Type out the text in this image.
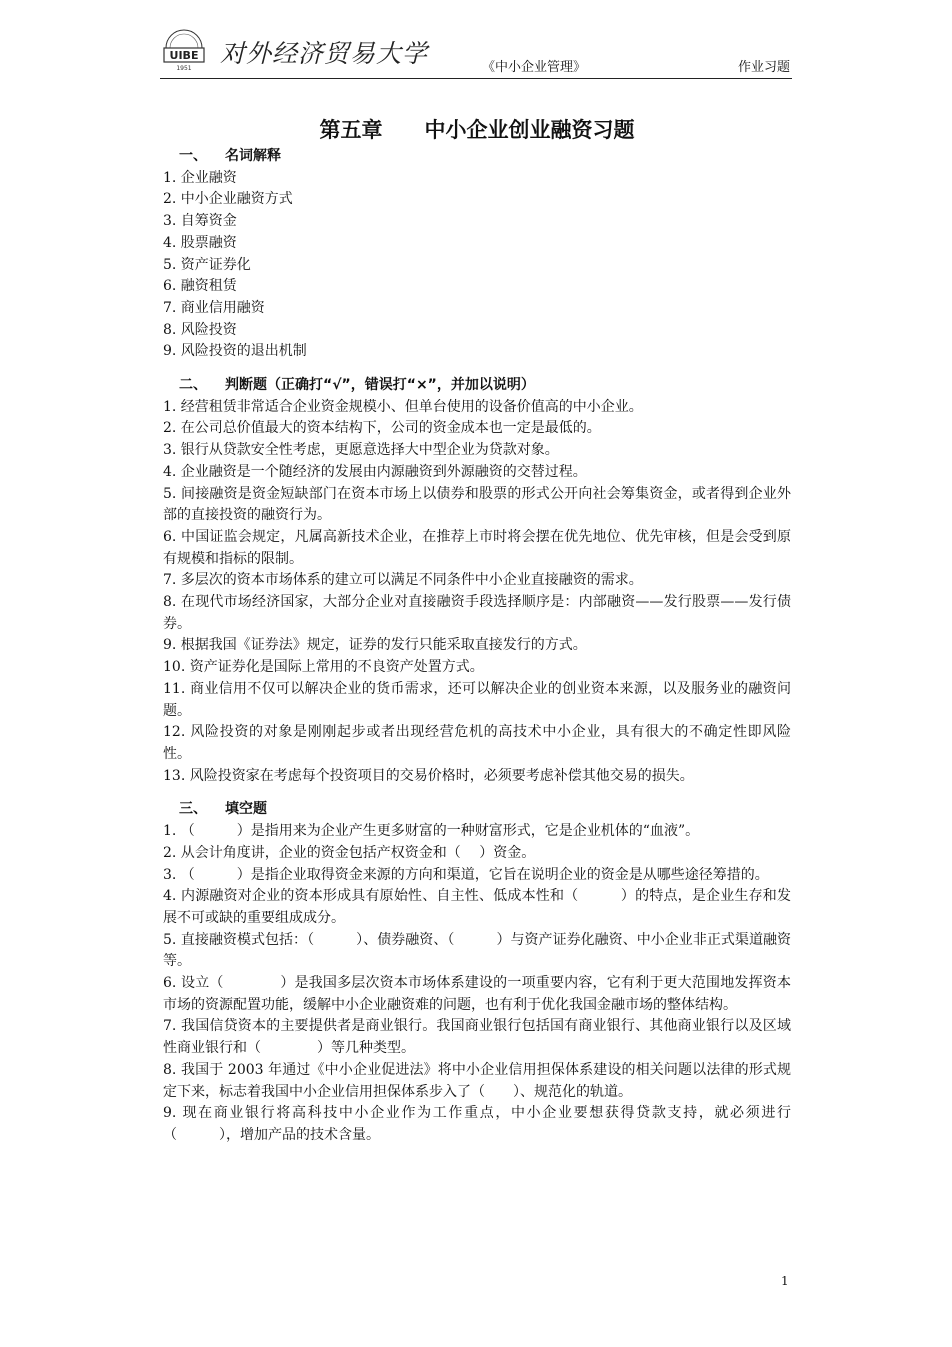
UIBE
1951
对外经济贸易大学	《中小企业管理》	作业习题
第五章　　中小企业创业融资习题
一、 名词解释
1. 企业融资
2. 中小企业融资方式
3. 自筹资金
4. 股票融资
5. 资产证券化
6. 融资租赁
7. 商业信用融资
8. 风险投资
9. 风险投资的退出机制
二、 判断题（正确打“√”，错误打“×”，并加以说明）
1. 经营租赁非常适合企业资金规模小、但单台使用的设备价值高的中小企业。
2. 在公司总价值最大的资本结构下，公司的资金成本也一定是最低的。
3. 银行从贷款安全性考虑，更愿意选择大中型企业为贷款对象。
4. 企业融资是一个随经济的发展由内源融资到外源融资的交替过程。
5. 间接融资是资金短缺部门在资本市场上以债券和股票的形式公开向社会筹集资金，或者得到企业外部的直接投资的融资行为。
6. 中国证监会规定，凡属高新技术企业，在推荐上市时将会摆在优先地位、优先审核，但是会受到原有规模和指标的限制。
7. 多层次的资本市场体系的建立可以满足不同条件中小企业直接融资的需求。
8. 在现代市场经济国家，大部分企业对直接融资手段选择顺序是：内部融资——发行股票——发行债券。
9. 根据我国《证券法》规定，证券的发行只能采取直接发行的方式。
10. 资产证券化是国际上常用的不良资产处置方式。
11. 商业信用不仅可以解决企业的货币需求，还可以解决企业的创业资本来源，以及服务业的融资问题。
12. 风险投资的对象是刚刚起步或者出现经营危机的高技术中小企业，具有很大的不确定性即风险性。
13. 风险投资家在考虑每个投资项目的交易价格时，必须要考虑补偿其他交易的损失。
三、 填空题
1. （　　　）是指用来为企业产生更多财富的一种财富形式，它是企业机体的“血液”。
2. 从会计角度讲，企业的资金包括产权资金和（　 ）资金。
3. （　　　）是指企业取得资金来源的方向和渠道，它旨在说明企业的资金是从哪些途径筹措的。
4. 内源融资对企业的资本形成具有原始性、自主性、低成本性和（　　　）的特点，是企业生存和发展不可或缺的重要组成成分。
5. 直接融资模式包括：（　　　）、债券融资、（　　　）与资产证券化融资、中小企业非正式渠道融资等。
6. 设立（　　　　）是我国多层次资本市场体系建设的一项重要内容，它有利于更大范围地发挥资本市场的资源配置功能，缓解中小企业融资难的问题，也有利于优化我国金融市场的整体结构。
7. 我国信贷资本的主要提供者是商业银行。我国商业银行包括国有商业银行、其他商业银行以及区域性商业银行和（　　　　）等几种类型。
8. 我国于 2003 年通过《中小企业促进法》将中小企业信用担保体系建设的相关问题以法律的形式规定下来，标志着我国中小企业信用担保体系步入了（　　）、规范化的轨道。
9. 现在商业银行将高科技中小企业作为工作重点，中小企业要想获得贷款支持，就必须进行（　　　），增加产品的技术含量。
1
